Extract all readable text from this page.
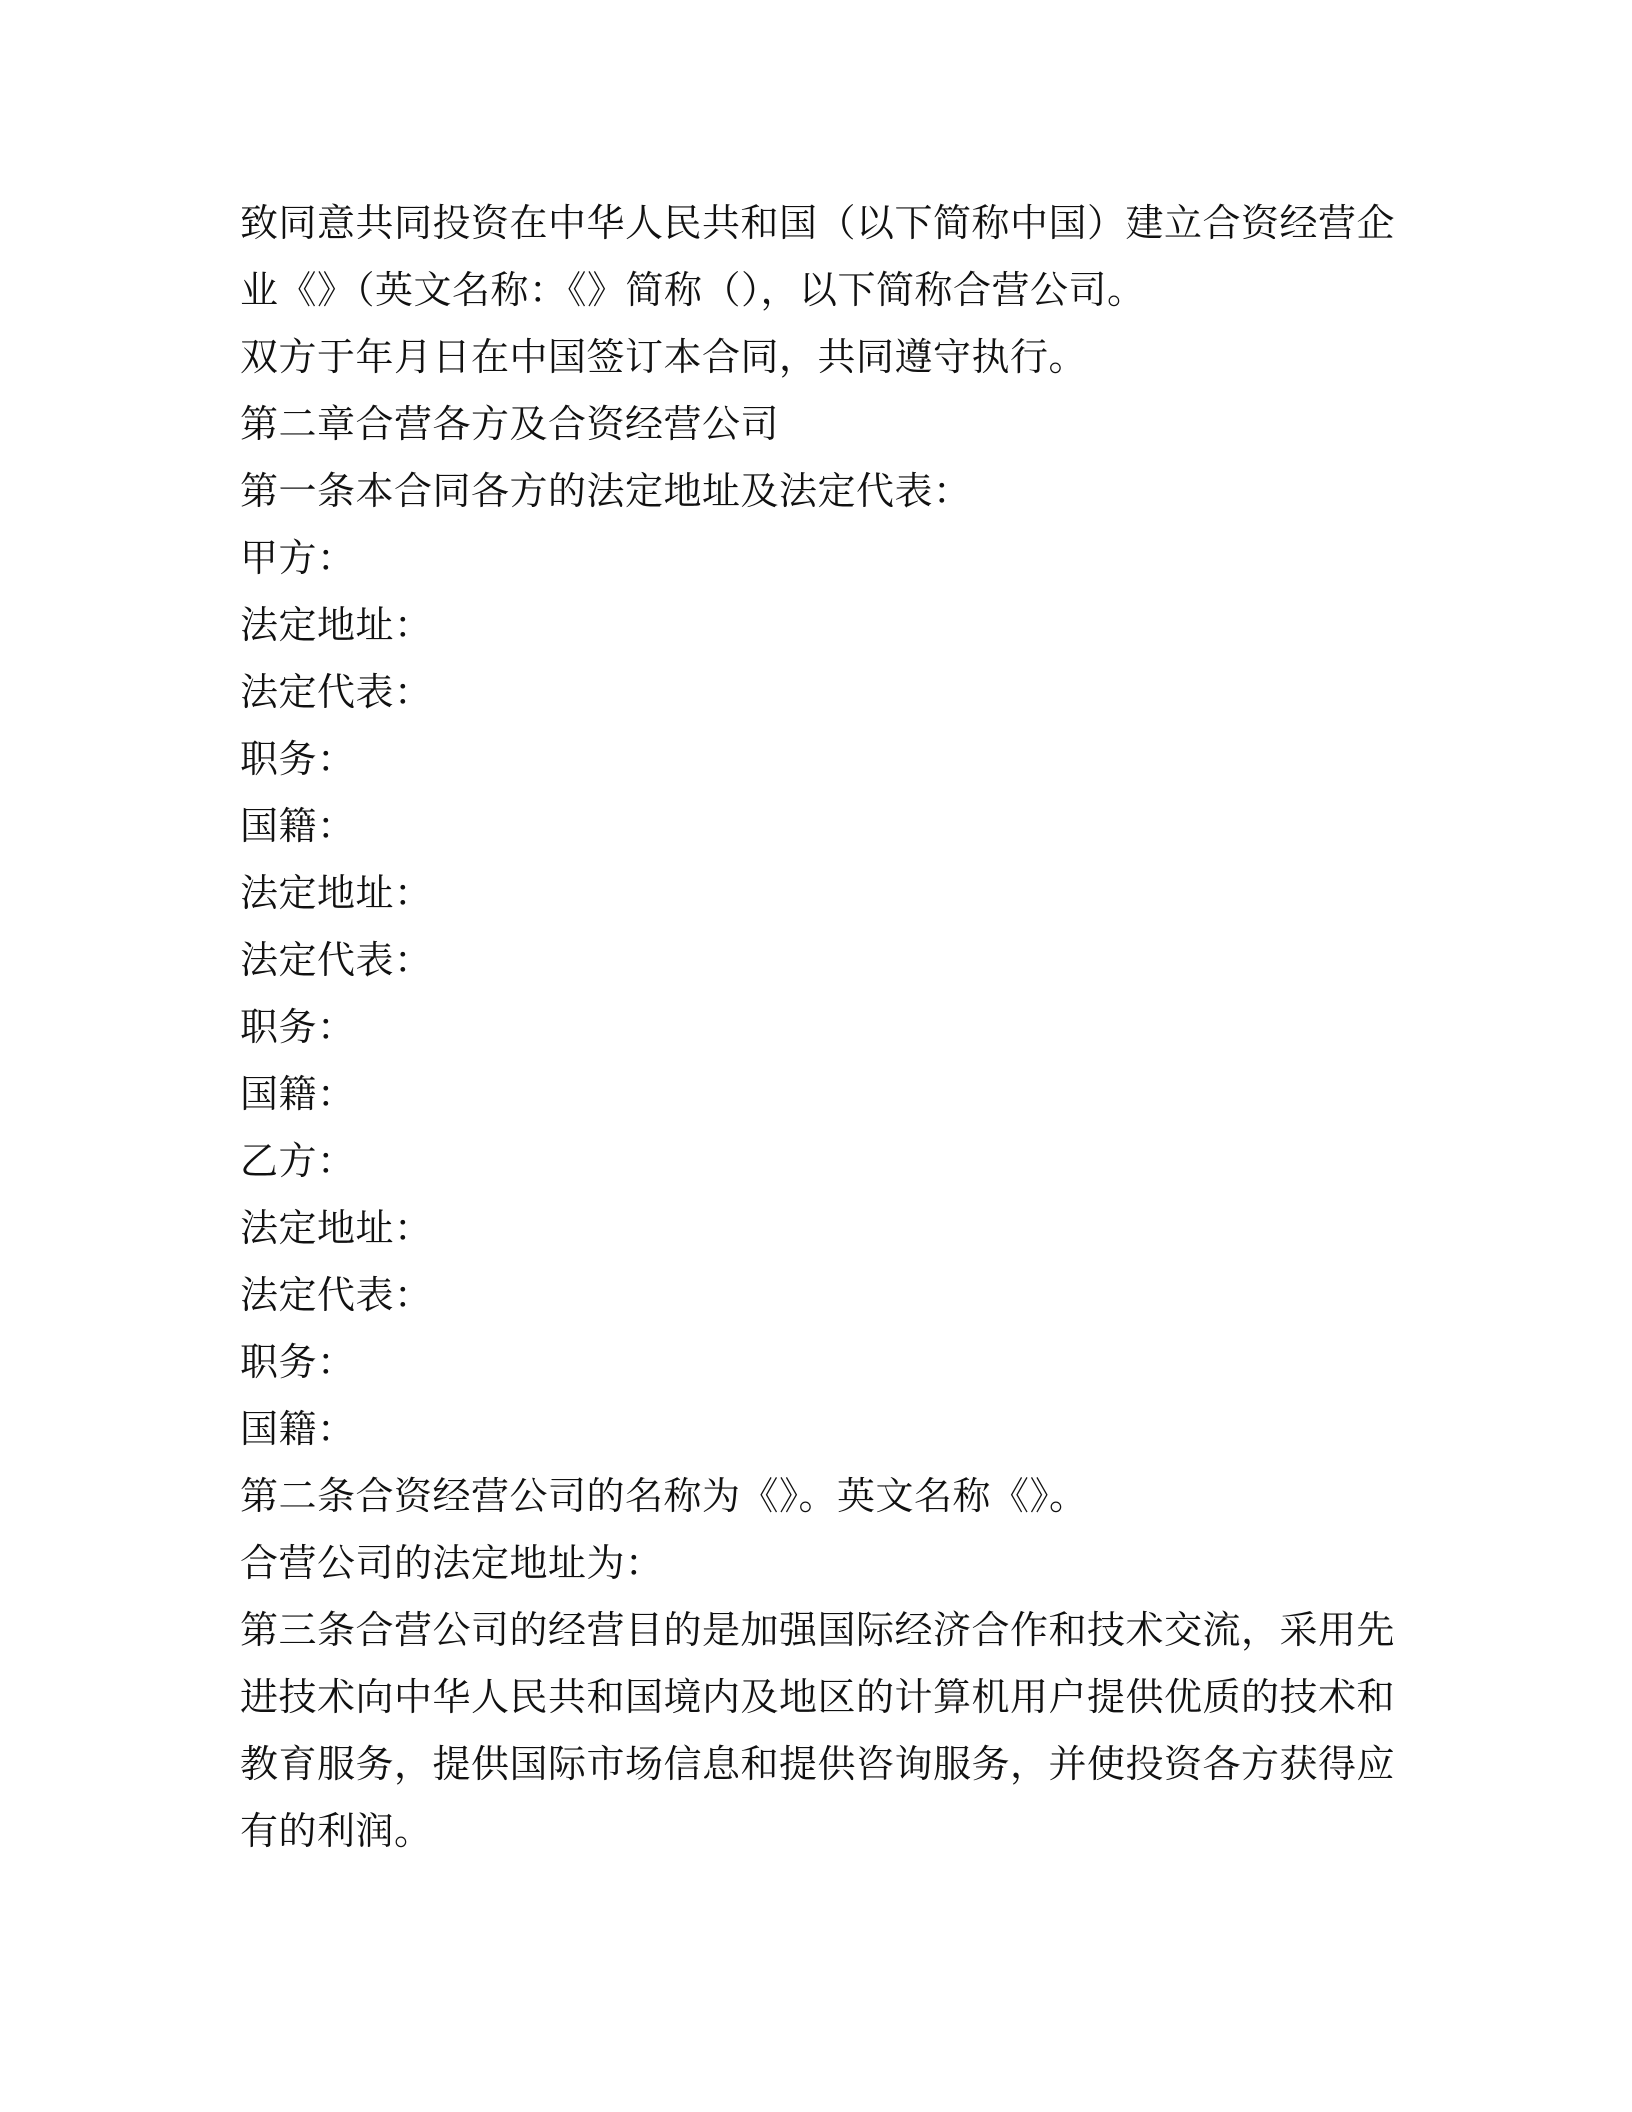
致同意共同投资在中华人民共和国（以下简称中国）建立合资经营企业《》（英文名称：《》简称（），以下简称合营公司。

双方于年月日在中国签订本合同，共同遵守执行。

第二章合营各方及合资经营公司

第一条本合同各方的法定地址及法定代表：

甲方：

法定地址：

法定代表：

职务：

国籍：

法定地址：

法定代表：

职务：

国籍：

乙方：

法定地址：

法定代表：

职务：

国籍：

第二条合资经营公司的名称为《》。英文名称《》。

合营公司的法定地址为：

第三条合营公司的经营目的是加强国际经济合作和技术交流，采用先进技术向中华人民共和国境内及地区的计算机用户提供优质的技术和教育服务，提供国际市场信息和提供咨询服务，并使投资各方获得应有的利润。
